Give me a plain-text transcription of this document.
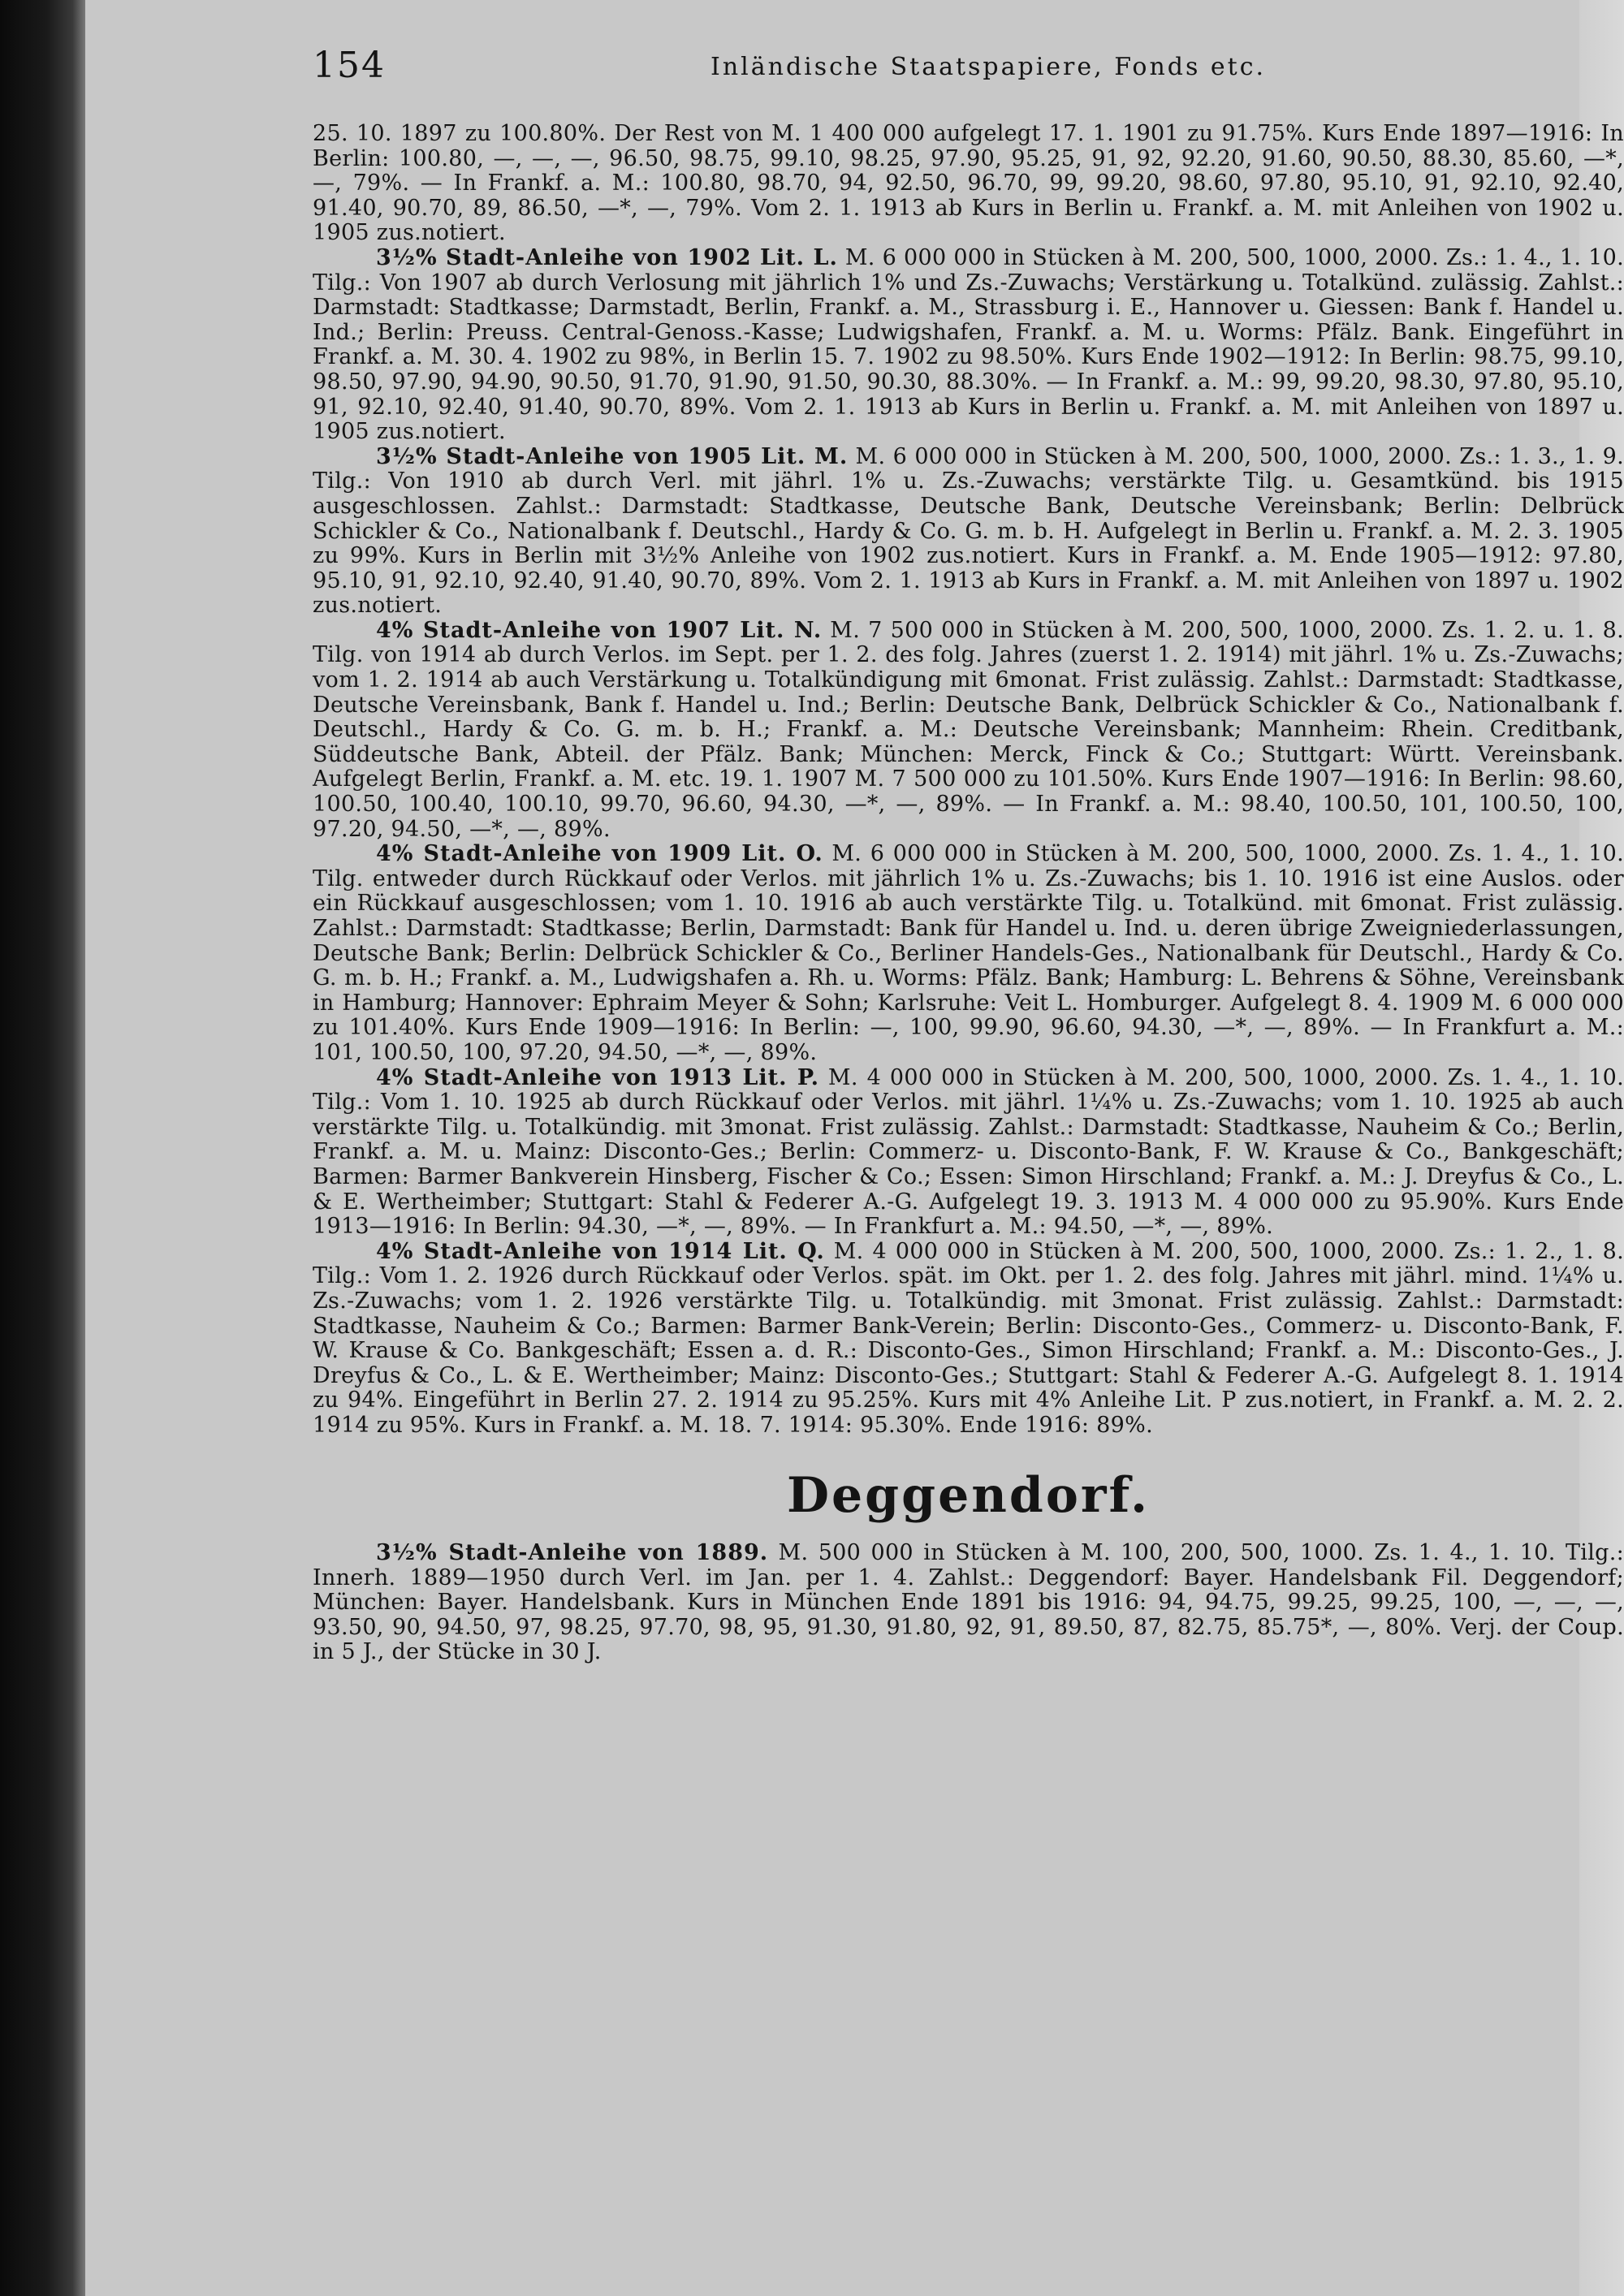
154	Inländische Staatspapiere, Fonds etc.

25. 10. 1897 zu 100.80%. Der Rest von M. 1 400 000 aufgelegt 17. 1. 1901 zu 91.75%. Kurs Ende 1897—1916: In Berlin: 100.80, —, —, —, 96.50, 98.75, 99.10, 98.25, 97.90, 95.25, 91, 92, 92.20, 91.60, 90.50, 88.30, 85.60, —*, —, 79%. — In Frankf. a. M.: 100.80, 98.70, 94, 92.50, 96.70, 99, 99.20, 98.60, 97.80, 95.10, 91, 92.10, 92.40, 91.40, 90.70, 89, 86.50, —*, —, 79%. Vom 2. 1. 1913 ab Kurs in Berlin u. Frankf. a. M. mit Anleihen von 1902 u. 1905 zus.notiert.

3½% Stadt-Anleihe von 1902 Lit. L. M. 6 000 000 in Stücken à M. 200, 500, 1000, 2000. Zs.: 1. 4., 1. 10. Tilg.: Von 1907 ab durch Verlosung mit jährlich 1% und Zs.-Zuwachs; Verstärkung u. Totalkünd. zulässig. Zahlst.: Darmstadt: Stadtkasse; Darmstadt, Berlin, Frankf. a. M., Strassburg i. E., Hannover u. Giessen: Bank f. Handel u. Ind.; Berlin: Preuss. Central-Genoss.-Kasse; Ludwigshafen, Frankf. a. M. u. Worms: Pfälz. Bank. Eingeführt in Frankf. a. M. 30. 4. 1902 zu 98%, in Berlin 15. 7. 1902 zu 98.50%. Kurs Ende 1902—1912: In Berlin: 98.75, 99.10, 98.50, 97.90, 94.90, 90.50, 91.70, 91.90, 91.50, 90.30, 88.30%. — In Frankf. a. M.: 99, 99.20, 98.30, 97.80, 95.10, 91, 92.10, 92.40, 91.40, 90.70, 89%. Vom 2. 1. 1913 ab Kurs in Berlin u. Frankf. a. M. mit Anleihen von 1897 u. 1905 zus.notiert.

3½% Stadt-Anleihe von 1905 Lit. M. M. 6 000 000 in Stücken à M. 200, 500, 1000, 2000. Zs.: 1. 3., 1. 9. Tilg.: Von 1910 ab durch Verl. mit jährl. 1% u. Zs.-Zuwachs; verstärkte Tilg. u. Gesamtkünd. bis 1915 ausgeschlossen. Zahlst.: Darmstadt: Stadtkasse, Deutsche Bank, Deutsche Vereinsbank; Berlin: Delbrück Schickler & Co., Nationalbank f. Deutschl., Hardy & Co. G. m. b. H. Aufgelegt in Berlin u. Frankf. a. M. 2. 3. 1905 zu 99%. Kurs in Berlin mit 3½% Anleihe von 1902 zus.notiert. Kurs in Frankf. a. M. Ende 1905—1912: 97.80, 95.10, 91, 92.10, 92.40, 91.40, 90.70, 89%. Vom 2. 1. 1913 ab Kurs in Frankf. a. M. mit Anleihen von 1897 u. 1902 zus.notiert.

4% Stadt-Anleihe von 1907 Lit. N. M. 7 500 000 in Stücken à M. 200, 500, 1000, 2000. Zs. 1. 2. u. 1. 8. Tilg. von 1914 ab durch Verlos. im Sept. per 1. 2. des folg. Jahres (zuerst 1. 2. 1914) mit jährl. 1% u. Zs.-Zuwachs; vom 1. 2. 1914 ab auch Verstärkung u. Totalkündigung mit 6monat. Frist zulässig. Zahlst.: Darmstadt: Stadtkasse, Deutsche Vereinsbank, Bank f. Handel u. Ind.; Berlin: Deutsche Bank, Delbrück Schickler & Co., Nationalbank f. Deutschl., Hardy & Co. G. m. b. H.; Frankf. a. M.: Deutsche Vereinsbank; Mannheim: Rhein. Creditbank, Süddeutsche Bank, Abteil. der Pfälz. Bank; München: Merck, Finck & Co.; Stuttgart: Württ. Vereinsbank. Aufgelegt Berlin, Frankf. a. M. etc. 19. 1. 1907 M. 7 500 000 zu 101.50%. Kurs Ende 1907—1916: In Berlin: 98.60, 100.50, 100.40, 100.10, 99.70, 96.60, 94.30, —*, —, 89%. — In Frankf. a. M.: 98.40, 100.50, 101, 100.50, 100, 97.20, 94.50, —*, —, 89%.

4% Stadt-Anleihe von 1909 Lit. O. M. 6 000 000 in Stücken à M. 200, 500, 1000, 2000. Zs. 1. 4., 1. 10. Tilg. entweder durch Rückkauf oder Verlos. mit jährlich 1% u. Zs.-Zuwachs; bis 1. 10. 1916 ist eine Auslos. oder ein Rückkauf ausgeschlossen; vom 1. 10. 1916 ab auch verstärkte Tilg. u. Totalkünd. mit 6monat. Frist zulässig. Zahlst.: Darmstadt: Stadtkasse; Berlin, Darmstadt: Bank für Handel u. Ind. u. deren übrige Zweigniederlassungen, Deutsche Bank; Berlin: Delbrück Schickler & Co., Berliner Handels-Ges., Nationalbank für Deutschl., Hardy & Co. G. m. b. H.; Frankf. a. M., Ludwigshafen a. Rh. u. Worms: Pfälz. Bank; Hamburg: L. Behrens & Söhne, Vereinsbank in Hamburg; Hannover: Ephraim Meyer & Sohn; Karlsruhe: Veit L. Homburger. Aufgelegt 8. 4. 1909 M. 6 000 000 zu 101.40%. Kurs Ende 1909—1916: In Berlin: —, 100, 99.90, 96.60, 94.30, —*, —, 89%. — In Frankfurt a. M.: 101, 100.50, 100, 97.20, 94.50, —*, —, 89%.

4% Stadt-Anleihe von 1913 Lit. P. M. 4 000 000 in Stücken à M. 200, 500, 1000, 2000. Zs. 1. 4., 1. 10. Tilg.: Vom 1. 10. 1925 ab durch Rückkauf oder Verlos. mit jährl. 1¼% u. Zs.-Zuwachs; vom 1. 10. 1925 ab auch verstärkte Tilg. u. Totalkündig. mit 3monat. Frist zulässig. Zahlst.: Darmstadt: Stadtkasse, Nauheim & Co.; Berlin, Frankf. a. M. u. Mainz: Disconto-Ges.; Berlin: Commerz- u. Disconto-Bank, F. W. Krause & Co., Bankgeschäft; Barmen: Barmer Bankverein Hinsberg, Fischer & Co.; Essen: Simon Hirschland; Frankf. a. M.: J. Dreyfus & Co., L. & E. Wertheimber; Stuttgart: Stahl & Federer A.-G. Aufgelegt 19. 3. 1913 M. 4 000 000 zu 95.90%. Kurs Ende 1913—1916: In Berlin: 94.30, —*, —, 89%. — In Frankfurt a. M.: 94.50, —*, —, 89%.

4% Stadt-Anleihe von 1914 Lit. Q. M. 4 000 000 in Stücken à M. 200, 500, 1000, 2000. Zs.: 1. 2., 1. 8. Tilg.: Vom 1. 2. 1926 durch Rückkauf oder Verlos. spät. im Okt. per 1. 2. des folg. Jahres mit jährl. mind. 1¼% u. Zs.-Zuwachs; vom 1. 2. 1926 verstärkte Tilg. u. Totalkündig. mit 3monat. Frist zulässig. Zahlst.: Darmstadt: Stadtkasse, Nauheim & Co.; Barmen: Barmer Bank-Verein; Berlin: Disconto-Ges., Commerz- u. Disconto-Bank, F. W. Krause & Co. Bankgeschäft; Essen a. d. R.: Disconto-Ges., Simon Hirschland; Frankf. a. M.: Disconto-Ges., J. Dreyfus & Co., L. & E. Wertheimber; Mainz: Disconto-Ges.; Stuttgart: Stahl & Federer A.-G. Aufgelegt 8. 1. 1914 zu 94%. Eingeführt in Berlin 27. 2. 1914 zu 95.25%. Kurs mit 4% Anleihe Lit. P zus.notiert, in Frankf. a. M. 2. 2. 1914 zu 95%. Kurs in Frankf. a. M. 18. 7. 1914: 95.30%. Ende 1916: 89%.

Deggendorf.

3½% Stadt-Anleihe von 1889. M. 500 000 in Stücken à M. 100, 200, 500, 1000. Zs. 1. 4., 1. 10. Tilg.: Innerh. 1889—1950 durch Verl. im Jan. per 1. 4. Zahlst.: Deggendorf: Bayer. Handelsbank Fil. Deggendorf; München: Bayer. Handelsbank. Kurs in München Ende 1891 bis 1916: 94, 94.75, 99.25, 99.25, 100, —, —, —, 93.50, 90, 94.50, 97, 98.25, 97.70, 98, 95, 91.30, 91.80, 92, 91, 89.50, 87, 82.75, 85.75*, —, 80%. Verj. der Coup. in 5 J., der Stücke in 30 J.
